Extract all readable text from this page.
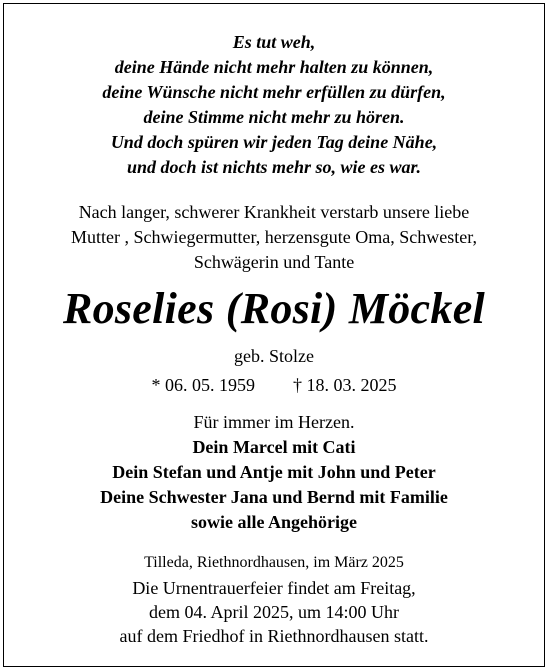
Es tut weh,
deine Hände nicht mehr halten zu können,
deine Wünsche nicht mehr erfüllen zu dürfen,
deine Stimme nicht mehr zu hören.
Und doch spüren wir jeden Tag deine Nähe,
und doch ist nichts mehr so, wie es war.
Nach langer, schwerer Krankheit verstarb unsere liebe
Mutter , Schwiegermutter, herzensgute Oma, Schwester,
Schwägerin und Tante
Roselies (Rosi) Möckel
geb. Stolze
* 06. 05. 1959 † 18. 03. 2025
Für immer im Herzen.
Dein Marcel mit Cati
Dein Stefan und Antje mit John und Peter
Deine Schwester Jana und Bernd mit Familie
sowie alle Angehörige
Tilleda, Riethnordhausen, im März 2025
Die Urnentrauerfeier findet am Freitag,
dem 04. April 2025, um 14:00 Uhr
auf dem Friedhof in Riethnordhausen statt.
